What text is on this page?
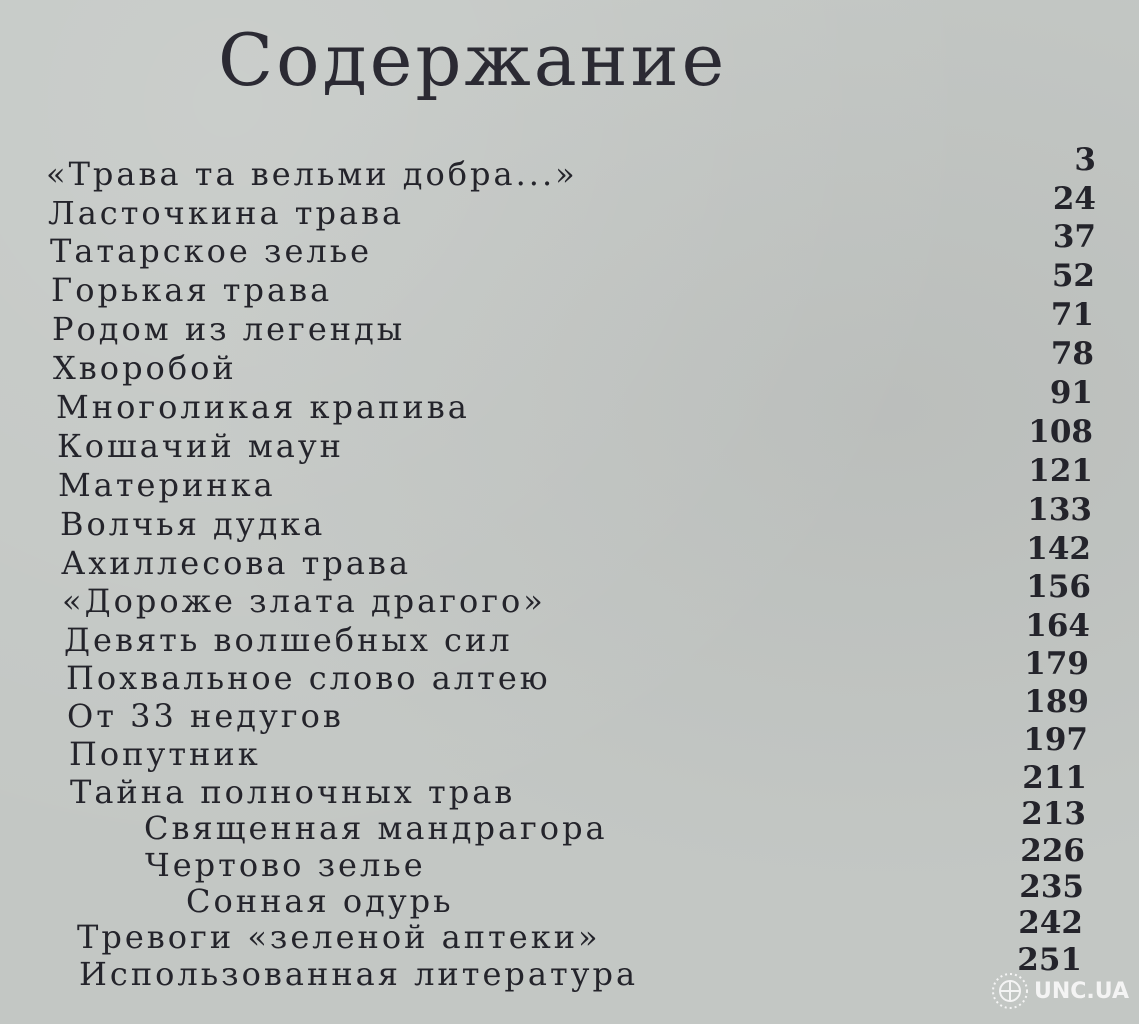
Содержание
«Трава та вельми добра...»	3
Ласточкина трава	24
Татарское зелье	37
Горькая трава	52
Родом из легенды	71
Хворобой	78
Многоликая крапива	91
Кошачий маун	108
Материнка	121
Волчья дудка	133
Ахиллесова трава	142
«Дороже злата драгого»	156
Девять волшебных сил	164
Похвальное слово алтею	179
От 33 недугов	189
Попутник	197
Тайна полночных трав	211
Священная мандрагора	213
Чертово зелье	226
Сонная одурь	235
Тревоги «зеленой аптеки»	242
Использованная литература	251
UNC.UA
